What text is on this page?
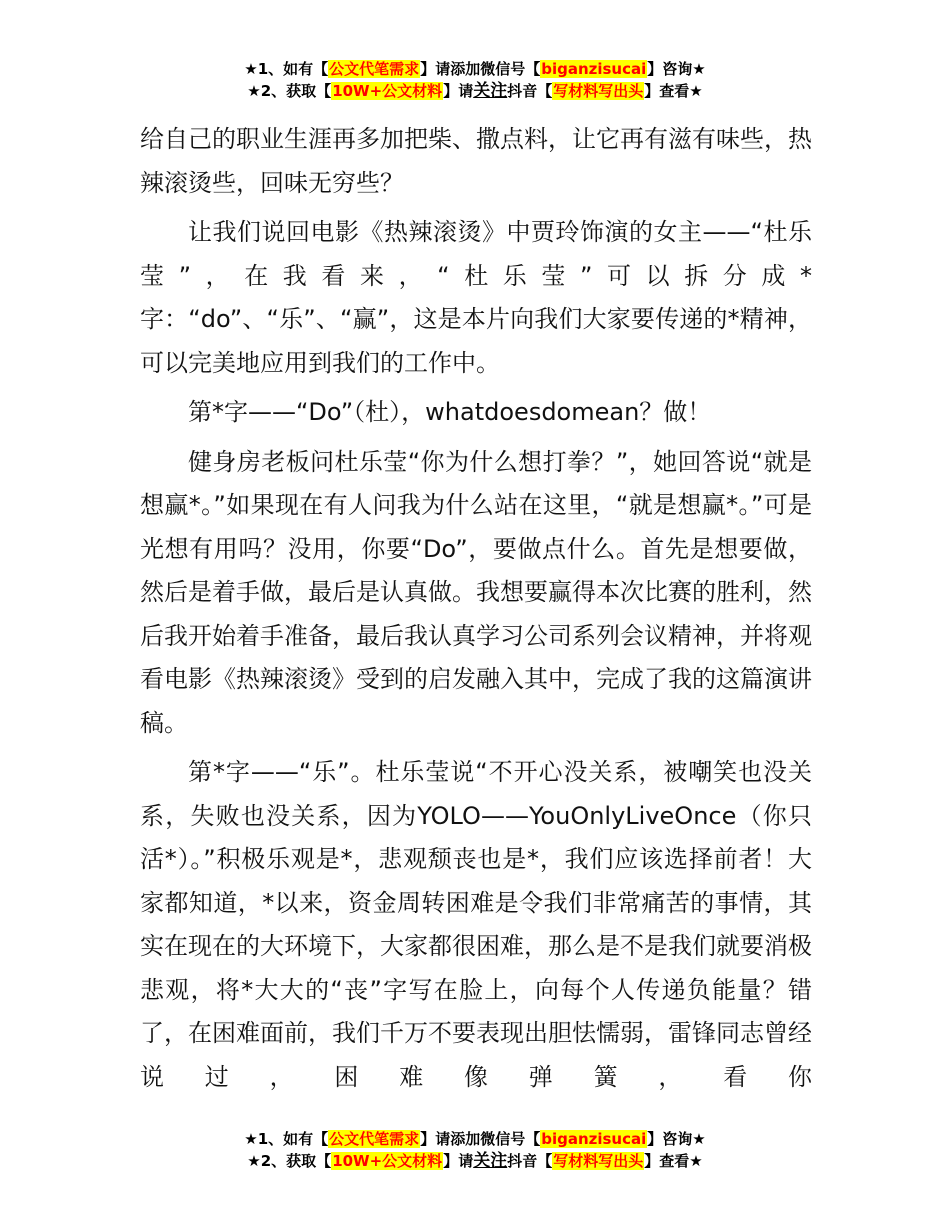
★1、如有【公文代笔需求】请添加微信号【biganzisucai】咨询★
★2、获取【10W+公文材料】请关注抖音【写材料写出头】查看★

给自己的职业生涯再多加把柴、撒点料，让它再有滋有味些，热辣滚烫些，回味无穷些？

让我们说回电影《热辣滚烫》中贾玲饰演的女主——“杜乐莹”，在我看来，“杜乐莹”可以拆分成*字：“do”、“乐”、“赢”，这是本片向我们大家要传递的*精神，可以完美地应用到我们的工作中。

第*字——“Do”（杜），whatdoesdomean？做！

健身房老板问杜乐莹“你为什么想打拳？”，她回答说“就是想赢*。”如果现在有人问我为什么站在这里，“就是想赢*。”可是光想有用吗？没用，你要“Do”，要做点什么。首先是想要做，然后是着手做，最后是认真做。我想要赢得本次比赛的胜利，然后我开始着手准备，最后我认真学习公司系列会议精神，并将观看电影《热辣滚烫》受到的启发融入其中，完成了我的这篇演讲稿。

第*字——“乐”。杜乐莹说“不开心没关系，被嘲笑也没关系，失败也没关系，因为YOLO——YouOnlyLiveOnce（你只活*）。”积极乐观是*，悲观颓丧也是*，我们应该选择前者！大家都知道，*以来，资金周转困难是令我们非常痛苦的事情，其实在现在的大环境下，大家都很困难，那么是不是我们就要消极悲观，将*大大的“丧”字写在脸上，向每个人传递负能量？错了，在困难面前，我们千万不要表现出胆怯懦弱，雷锋同志曾经说过，困难像弹簧，看你

★1、如有【公文代笔需求】请添加微信号【biganzisucai】咨询★
★2、获取【10W+公文材料】请关注抖音【写材料写出头】查看★
